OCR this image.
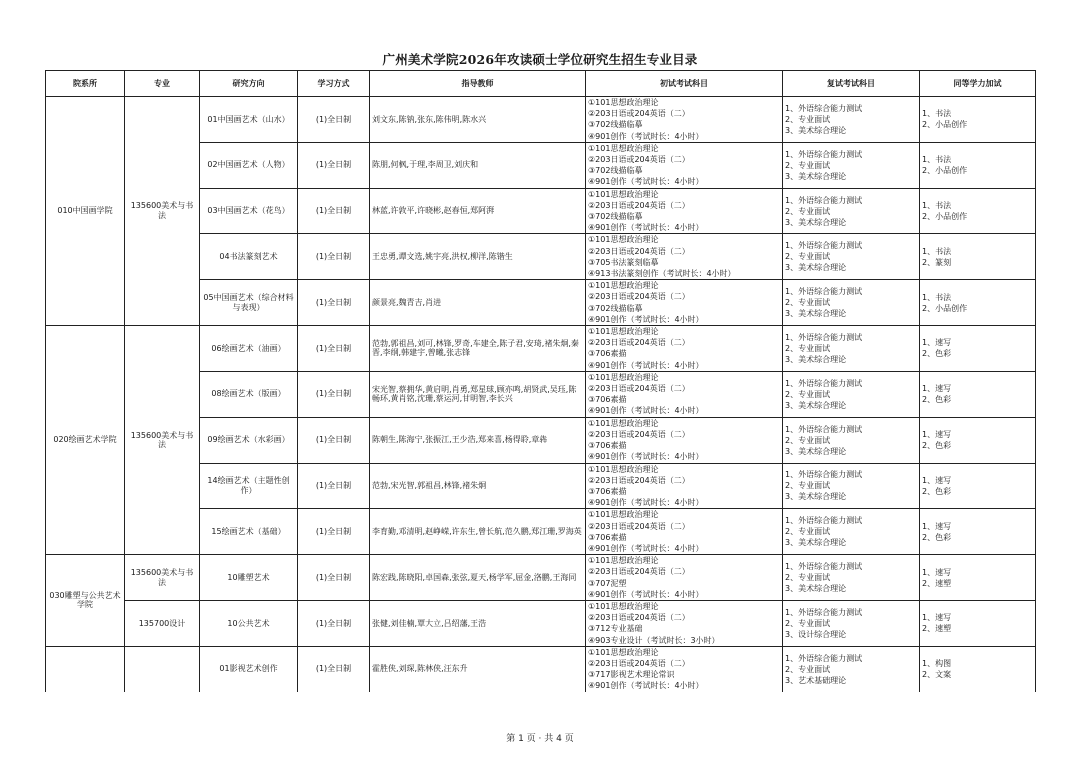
广州美术学院2026年攻读硕士学位研究生招生专业目录
院系所	专业	研究方向	学习方式	指导教师	初试考试科目	复试考试科目	同等学力加试
010中国画学院	135600美术与书法	01中国画艺术（山水）	(1)全日制	刘文东,陈钠,张东,陈伟明,陈水兴	①101思想政治理论
②203日语或204英语（二）
③702线描临摹
④901创作（考试时长：4小时）	1、外语综合能力测试
2、专业面试
3、美术综合理论	1、书法
2、小品创作

		02中国画艺术（人物）	(1)全日制	陈朋,何枫,于理,李周卫,刘庆和	①101思想政治理论
②203日语或204英语（二）
③702线描临摹
④901创作（考试时长：4小时）	1、外语综合能力测试
2、专业面试
3、美术综合理论	1、书法
2、小品创作

		03中国画艺术（花鸟）	(1)全日制	林蓝,许敦平,许晓彬,赵春恒,郑阿湃	①101思想政治理论
②203日语或204英语（二）
③702线描临摹
④901创作（考试时长：4小时）	1、外语综合能力测试
2、专业面试
3、美术综合理论	1、书法
2、小品创作

		04书法篆刻艺术	(1)全日制	王忠勇,谭文选,姚宇亮,洪权,柳洋,陈锴生	①101思想政治理论
②203日语或204英语（二）
③705书法篆刻临摹
④913书法篆刻创作（考试时长：4小时）	1、外语综合能力测试
2、专业面试
3、美术综合理论	1、书法
2、篆刻

		05中国画艺术（综合材料与表现）	(1)全日制	颜景亮,魏青吉,肖进	①101思想政治理论
②203日语或204英语（二）
③702线描临摹
④901创作（考试时长：4小时）	1、外语综合能力测试
2、专业面试
3、美术综合理论	1、书法
2、小品创作

020绘画艺术学院	135600美术与书法	06绘画艺术（油画）	(1)全日制	范勃,郭祖昌,刘可,林锋,罗奇,车建全,陈子君,安琦,褚朱炯,秦晋,李纲,韩建宇,曾曦,张志锋	①101思想政治理论
②203日语或204英语（二）
③706素描
④901创作（考试时长：4小时）	1、外语综合能力测试
2、专业面试
3、美术综合理论	1、速写
2、色彩

		08绘画艺术（版画）	(1)全日制	宋光智,蔡拥华,黄启明,肖勇,郑星球,顾亦鸣,胡贤武,吴珏,陈畅环,黄肖铭,沈珊,蔡运河,甘明智,李长兴	①101思想政治理论
②203日语或204英语（二）
③706素描
④901创作（考试时长：4小时）	1、外语综合能力测试
2、专业面试
3、美术综合理论	1、速写
2、色彩

		09绘画艺术（水彩画）	(1)全日制	陈朝生,陈海宁,张振江,王少浩,郑来喜,杨得聆,章犇	①101思想政治理论
②203日语或204英语（二）
③706素描
④901创作（考试时长：4小时）	1、外语综合能力测试
2、专业面试
3、美术综合理论	1、速写
2、色彩

		14绘画艺术（主题性创作）	(1)全日制	范勃,宋光智,郭祖昌,林锋,褚朱炯	①101思想政治理论
②203日语或204英语（二）
③706素描
④901创作（考试时长：4小时）	1、外语综合能力测试
2、专业面试
3、美术综合理论	1、速写
2、色彩

		15绘画艺术（基础）	(1)全日制	李育勤,邓清明,赵峥嵘,许东生,曾长航,范久鹏,郑江珊,罗海英	①101思想政治理论
②203日语或204英语（二）
③706素描
④901创作（考试时长：4小时）	1、外语综合能力测试
2、专业面试
3、美术综合理论	1、速写
2、色彩

030雕塑与公共艺术学院	135600美术与书法	10雕塑艺术	(1)全日制	陈宏践,陈晓阳,卓国森,张弦,夏天,杨学军,屈金,洛鹏,王海同	①101思想政治理论
②203日语或204英语（二）
③707泥塑
④901创作（考试时长：4小时）	1、外语综合能力测试
2、专业面试
3、美术综合理论	1、速写
2、速塑

	135700设计	10公共艺术	(1)全日制	张健,刘佳楠,覃大立,吕绍藩,王浩	①101思想政治理论
②203日语或204英语（二）
③712专业基础
④903专业设计（考试时长：3小时）	1、外语综合能力测试
2、专业面试
3、设计综合理论	1、速写
2、速塑

		01影视艺术创作	(1)全日制	霍胜侠,刘琛,陈林侠,汪东升	①101思想政治理论
②203日语或204英语（二）
③717影视艺术理论常识
④901创作（考试时长：4小时）	1、外语综合能力测试
2、专业面试
3、艺术基础理论	1、构图
2、文案
第 1 页 · 共 4 页
